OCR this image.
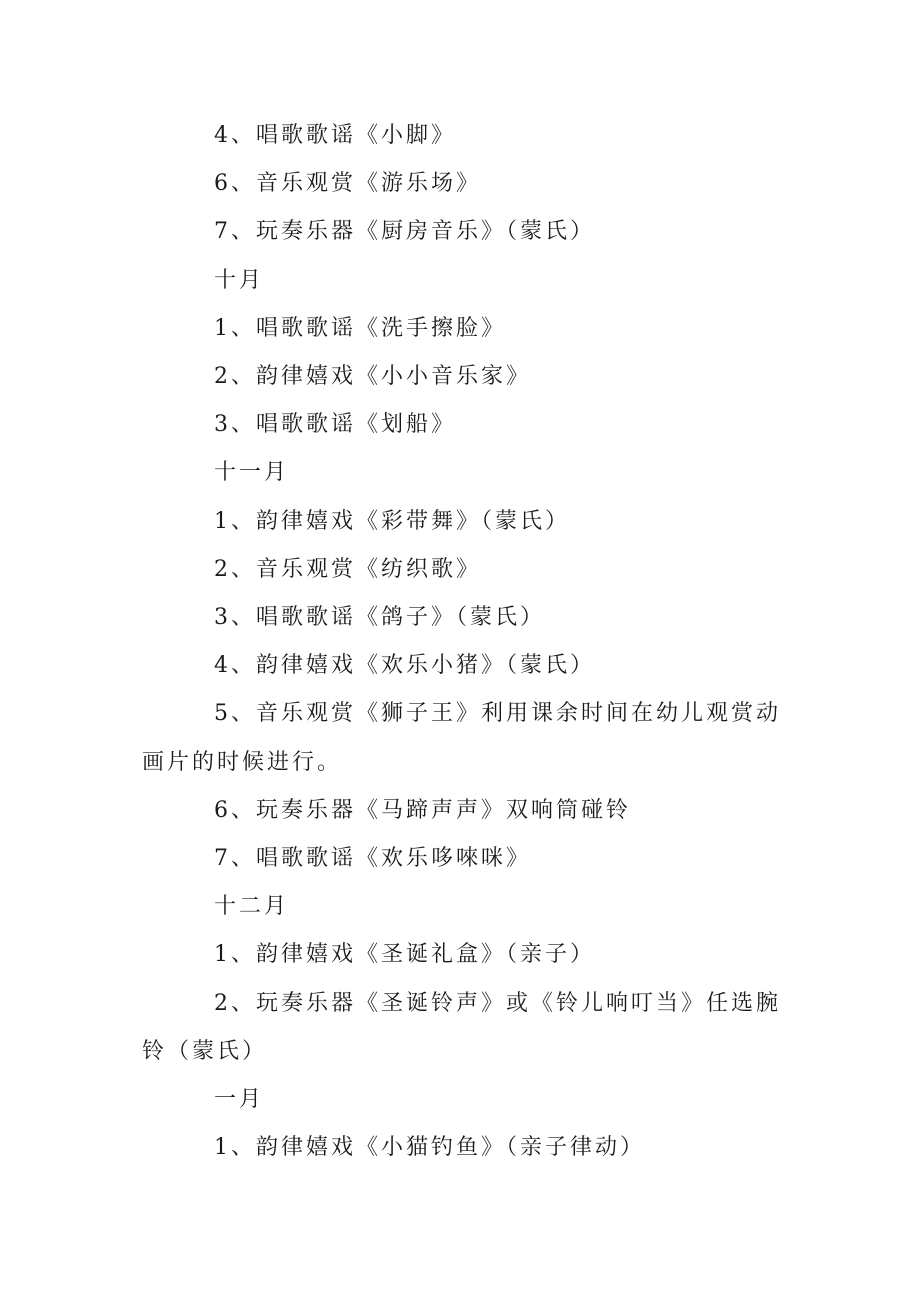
4、唱歌歌谣《小脚》

6、音乐观赏《游乐场》

7、玩奏乐器《厨房音乐》（蒙氏）

十月

1、唱歌歌谣《洗手擦脸》

2、韵律嬉戏《小小音乐家》

3、唱歌歌谣《划船》

十一月

1、韵律嬉戏《彩带舞》（蒙氏）

2、音乐观赏《纺织歌》

3、唱歌歌谣《鸽子》（蒙氏）

4、韵律嬉戏《欢乐小猪》（蒙氏）

5、音乐观赏《狮子王》利用课余时间在幼儿观赏动画片的时候进行。

6、玩奏乐器《马蹄声声》双响筒碰铃

7、唱歌歌谣《欢乐哆唻咪》

十二月

1、韵律嬉戏《圣诞礼盒》（亲子）

2、玩奏乐器《圣诞铃声》或《铃儿响叮当》任选腕铃（蒙氏）

一月

1、韵律嬉戏《小猫钓鱼》（亲子律动）
